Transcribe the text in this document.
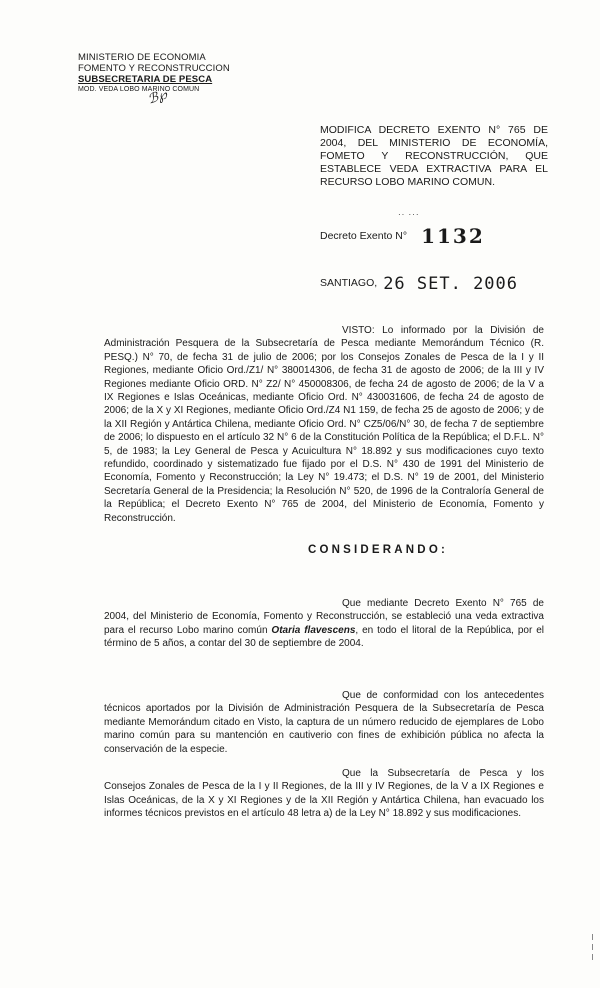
MINISTERIO DE ECONOMIA
FOMENTO Y RECONSTRUCCION
SUBSECRETARIA DE PESCA
MOD. VEDA LOBO MARINO COMUN
ℬ℘
MODIFICA DECRETO EXENTO N° 765 DE 2004, DEL MINISTERIO DE ECONOMÍA, FOMETO Y RECONSTRUCCIÓN, QUE ESTABLECE VEDA EXTRACTIVA PARA EL RECURSO LOBO MARINO COMUN.
·· ···
Decreto Exento N° 1132
SANTIAGO, 26 SET. 2006
VISTO: Lo informado por la División de Administración Pesquera de la Subsecretaría de Pesca mediante Memorándum Técnico (R. PESQ.) N° 70, de fecha 31 de julio de 2006; por los Consejos Zonales de Pesca de la I y II Regiones, mediante Oficio Ord./Z1/ N° 380014306, de fecha 31 de agosto de 2006; de la III y IV Regiones mediante Oficio ORD. N° Z2/ N° 450008306, de fecha 24 de agosto de 2006; de la V a IX Regiones e Islas Oceánicas, mediante Oficio Ord. N° 430031606, de fecha 24 de agosto de 2006; de la X y XI Regiones, mediante Oficio Ord./Z4 N1 159, de fecha 25 de agosto de 2006; y de la XII Región y Antártica Chilena, mediante Oficio Ord. N° CZ5/06/N° 30, de fecha 7 de septiembre de 2006; lo dispuesto en el artículo 32 N° 6 de la Constitución Política de la República; el D.F.L. N° 5, de 1983; la Ley General de Pesca y Acuicultura N° 18.892 y sus modificaciones cuyo texto refundido, coordinado y sistematizado fue fijado por el D.S. N° 430 de 1991 del Ministerio de Economía, Fomento y Reconstrucción; la Ley N° 19.473; el D.S. N° 19 de 2001, del Ministerio Secretaría General de la Presidencia; la Resolución N° 520, de 1996 de la Contraloría General de la República; el Decreto Exento N° 765 de 2004, del Ministerio de Economía, Fomento y Reconstrucción.
CONSIDERANDO:
Que mediante Decreto Exento N° 765 de 2004, del Ministerio de Economía, Fomento y Reconstrucción, se estableció una veda extractiva para el recurso Lobo marino común Otaria flavescens, en todo el litoral de la República, por el término de 5 años, a contar del 30 de septiembre de 2004.
Que de conformidad con los antecedentes técnicos aportados por la División de Administración Pesquera de la Subsecretaría de Pesca mediante Memorándum citado en Visto, la captura de un número reducido de ejemplares de Lobo marino común para su mantención en cautiverio con fines de exhibición pública no afecta la conservación de la especie.
Que la Subsecretaría de Pesca y los Consejos Zonales de Pesca de la I y II Regiones, de la III y IV Regiones, de la V a IX Regiones e Islas Oceánicas, de la X y XI Regiones y de la XII Región y Antártica Chilena, han evacuado los informes técnicos previstos en el artículo 48 letra a) de la Ley N° 18.892 y sus modificaciones.
